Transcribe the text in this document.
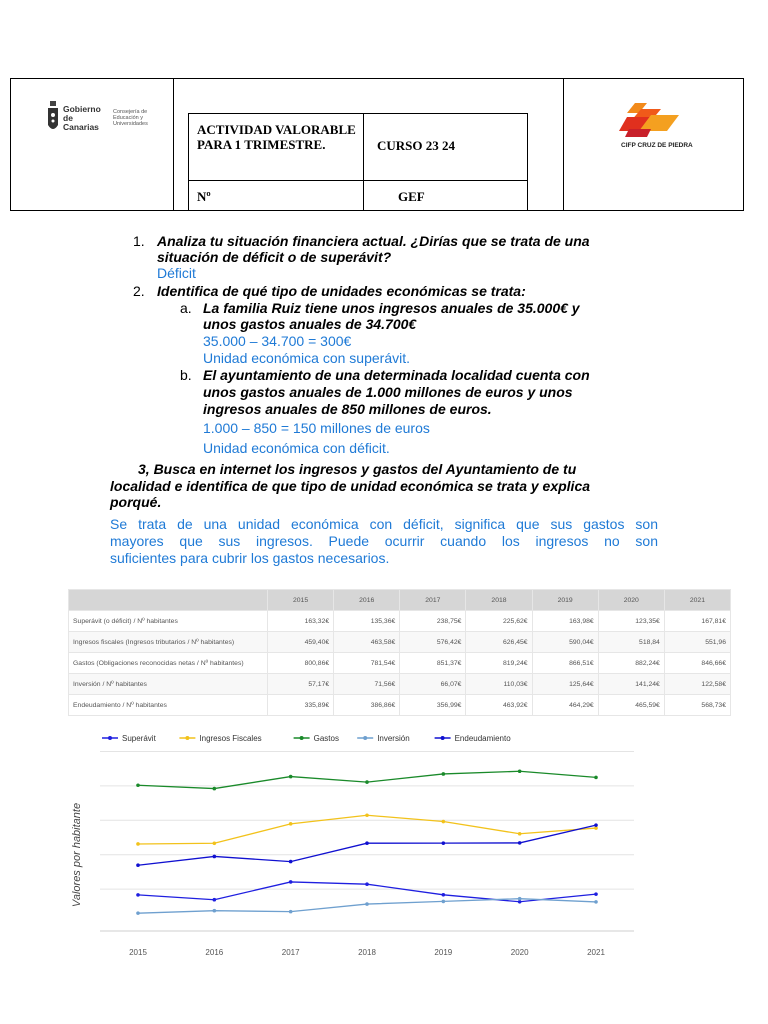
Gobierno de Canarias
Consejería de Educación y Universidades	ACTIVIDAD VALORABLE PARA 1 TRIMESTRE.	CURSO 23 24
Nº	GEF
CIFP CRUZ DE PIEDRA
1. Analiza tu situación financiera actual. ¿Dirías que se trata de una
situación de déficit o de superávit?
Déficit
2. Identifica de qué tipo de unidades económicas se trata:
a. La familia Ruiz tiene unos ingresos anuales de 35.000€ y
unos gastos anuales de 34.700€
35.000 – 34.700 = 300€
Unidad económica con superávit.
b. El ayuntamiento de una determinada localidad cuenta con
unos gastos anuales de 1.000 millones de euros y unos
ingresos anuales de 850 millones de euros.
1.000 – 850 = 150 millones de euros
Unidad económica con déficit.
3, Busca en internet los ingresos y gastos del Ayuntamiento de tu
localidad e identifica de que tipo de unidad económica se trata y explica
porqué.
Se trata de una unidad económica con déficit, significa que sus gastos son
mayores que sus ingresos. Puede ocurrir cuando los ingresos no son
suficientes para cubrir los gastos necesarios.
	2015	2016	2017	2018	2019	2020	2021
Superávit (o déficit) / Nº habitantes	163,32€	135,36€	238,75€	225,62€	163,98€	123,35€	167,81€
Ingresos fiscales (Ingresos tributarios / Nº habitantes)	459,40€	463,58€	576,42€	626,45€	590,04€	518,84	551,96
Gastos (Obligaciones reconocidas netas / Nº habitantes)	800,86€	781,54€	851,37€	819,24€	866,51€	882,24€	846,66€
Inversión / Nº habitantes	57,17€	71,56€	66,07€	110,03€	125,64€	141,24€	122,58€
Endeudamiento / Nº habitantes	335,89€	386,86€	356,99€	463,92€	464,29€	465,59€	568,73€
2015	2016	2017	2018	2019	2020	2021
Valores por habitante
Superávit	Ingresos Fiscales	Gastos	Inversión	Endeudamiento
